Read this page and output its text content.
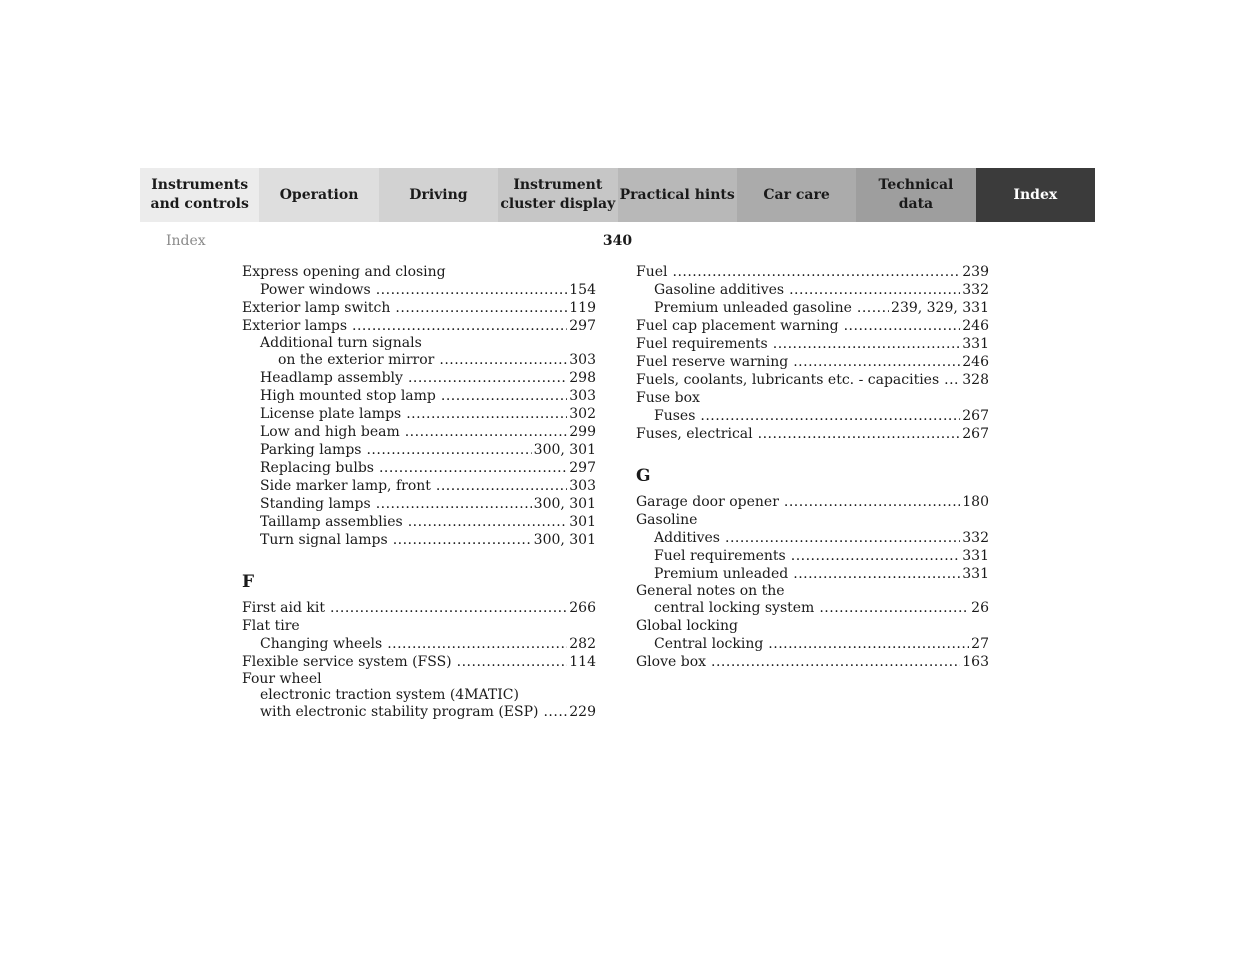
Instruments
and controls
Operation	Driving
Instrument
cluster display
Practical hints	Car care
Technical
data
Index
Index	340
Express opening and closing
Power windows .....	154
Exterior lamp switch .....	119
Exterior lamps .....	297
Additional turn signals
on the exterior mirror .....	303
Headlamp assembly .....	298
High mounted stop lamp .....	303
License plate lamps .....	302
Low and high beam .....	299
Parking lamps .....	300, 301
Replacing bulbs .....	297
Side marker lamp, front .....	303
Standing lamps .....	300, 301
Taillamp assemblies .....	301
Turn signal lamps .....	300, 301
F
First aid kit .....	266
Flat tire
Changing wheels .....	282
Flexible service system (FSS) .....	114
Four wheel
electronic traction system (4MATIC)
with electronic stability program (ESP) ..... 229
Fuel .....	239
Gasoline additives .....	332
Premium unleaded gasoline .....	239, 329, 331
Fuel cap placement warning .....	246
Fuel requirements .....	331
Fuel reserve warning .....	246
Fuels, coolants, lubricants etc. - capacities ..... 328
Fuse box
Fuses .....	267
Fuses, electrical .....	267
G
Garage door opener .....	180
Gasoline
Additives .....	332
Fuel requirements .....	331
Premium unleaded .....	331
General notes on the
central locking system .....	26
Global locking
Central locking .....	27
Glove box .....	163
